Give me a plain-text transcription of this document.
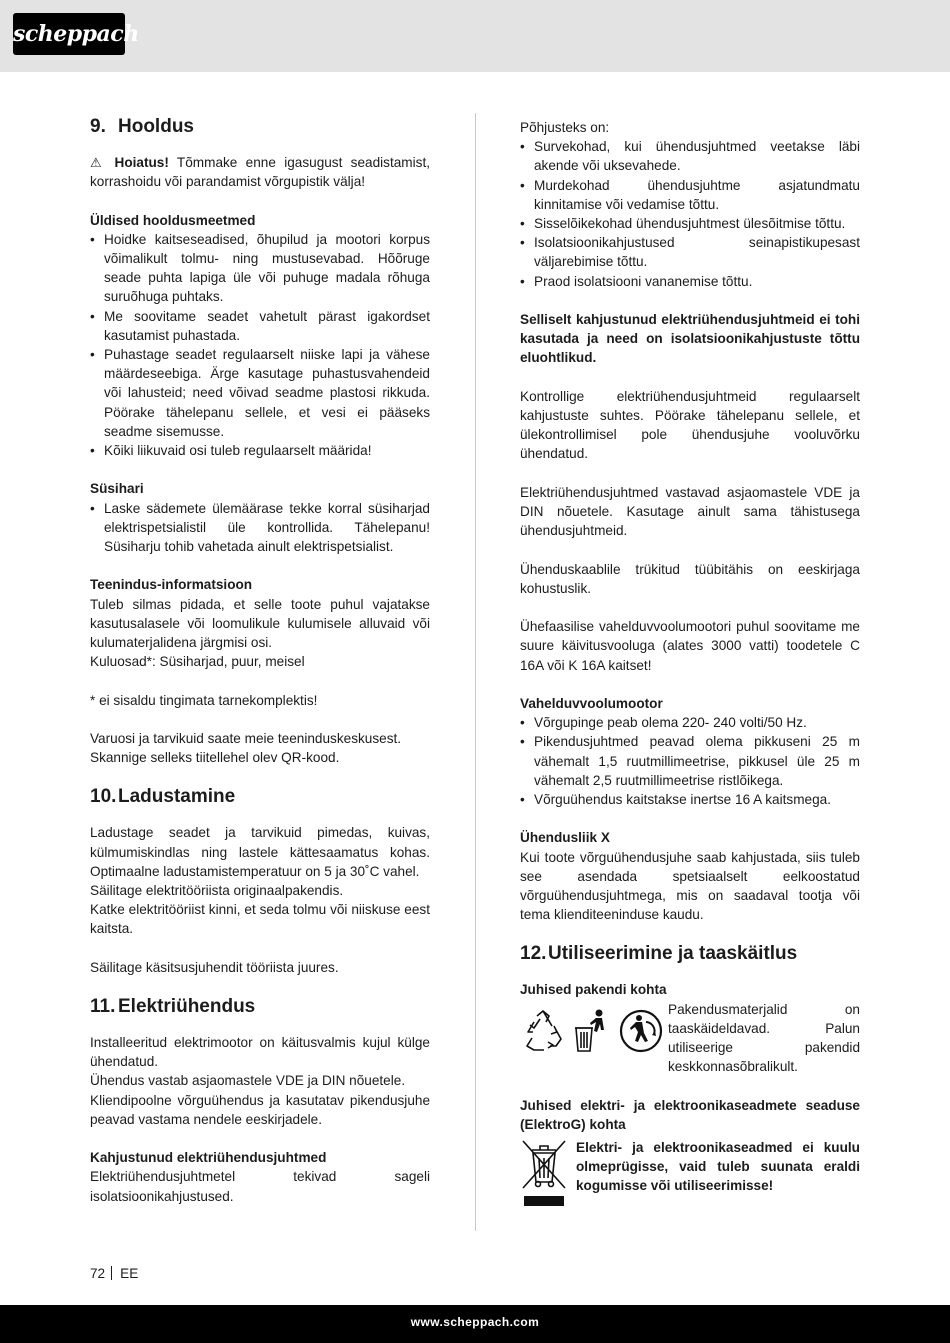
scheppach
9. Hooldus

⚠ Hoiatus! Tõmmake enne igasugust seadistamist, korrashoidu või parandamist võrgupistik välja!

Üldised hooldusmeetmed

• Hoidke kaitseseadised, õhupilud ja mootori korpus võimalikult tolmu- ning mustusevabad. Hõõruge seade puhta lapiga üle või puhuge madala rõhuga suruõhuga puhtaks.
• Me soovitame seadet vahetult pärast igakordset kasutamist puhastada.
• Puhastage seadet regulaarselt niiske lapi ja vähese määrdeseebiga. Ärge kasutage puhastusvahendeid või lahusteid; need võivad seadme plastosi rikkuda. Pöörake tähelepanu sellele, et vesi ei pääseks seadme sisemusse.
• Kõiki liikuvaid osi tuleb regulaarselt määrida!

Süsihari

• Laske sädemete ülemäärase tekke korral süsiharjad elektrispetsialistil üle kontrollida. Tähelepanu! Süsiharju tohib vahetada ainult elektrispetsialist.

Teenindus-informatsioon

Tuleb silmas pidada, et selle toote puhul vajatakse kasutusalasele või loomulikule kulumisele alluvaid või kulumaterjalidena järgmisi osi.

Kuluosad*: Süsiharjad, puur, meisel

* ei sisaldu tingimata tarnekomplektis!

Varuosi ja tarvikuid saate meie teeninduskeskusest.

Skannige selleks tiitellehel olev QR-kood.

10.Ladustamine

Ladustage seadet ja tarvikuid pimedas, kuivas, külmumiskindlas ning lastele kättesaamatus kohas. Optimaalne ladustamistemperatuur on 5 ja 30˚C vahel.

Säilitage elektritööriista originaalpakendis.

Katke elektritööriist kinni, et seda tolmu või niiskuse eest kaitsta.

Säilitage käsitsusjuhendit tööriista juures.

11. Elektriühendus

Installeeritud elektrimootor on käitusvalmis kujul külge ühendatud.

Ühendus vastab asjaomastele VDE ja DIN nõuetele.

Kliendipoolne võrguühendus ja kasutatav pikendusjuhe peavad vastama nendele eeskirjadele.

Kahjustunud elektriühendusjuhtmed

Elektriühendusjuhtmetel tekivad sageli isolatsioonikahjustused.

Põhjusteks on:

• Survekohad, kui ühendusjuhtmed veetakse läbi akende või uksevahede.
• Murdekohad ühendusjuhtme asjatundmatu kinnitamise või vedamise tõttu.
• Sisselõikekohad ühendusjuhtmest ülesõitmise tõttu.
• Isolatsioonikahjustused seinapistikupesast väljarebimise tõttu.
• Praod isolatsiooni vananemise tõttu.

Selliselt kahjustunud elektriühendusjuhtmeid ei tohi kasutada ja need on isolatsioonikahjustuste tõttu eluohtlikud.

Kontrollige elektriühendusjuhtmeid regulaarselt kahjustuste suhtes. Pöörake tähelepanu sellele, et ülekontrollimisel pole ühendusjuhe vooluvõrku ühendatud.

Elektriühendusjuhtmed vastavad asjaomastele VDE ja DIN nõuetele. Kasutage ainult sama tähistusega ühendusjuhtmeid.

Ühenduskaablile trükitud tüübitähis on eeskirjaga kohustuslik.

Ühefaasilise vahelduvvoolumootori puhul soovitame me suure käivitusvooluga (alates 3000 vatti) toodetele C 16A või K 16A kaitset!

Vahelduvvoolumootor

• Võrgupinge peab olema 220- 240 volti/50 Hz.
• Pikendusjuhtmed peavad olema pikkuseni 25 m vähemalt 1,5 ruutmillimeetrise, pikkusel üle 25 m vähemalt 2,5 ruutmillimeetrise ristlõikega.
• Võrguühendus kaitstakse inertse 16 A kaitsmega.

Ühendusliik X

Kui toote võrguühendusjuhe saab kahjustada, siis tuleb see asendada spetsiaalselt eelkoostatud võrguühendusjuhtmega, mis on saadaval tootja või tema klienditeeninduse kaudu.

12.Utiliseerimine ja taaskäitlus

Juhised pakendi kohta

Pakendusmaterjalid on taaskäideldavad. Palun utiliseerige pakendid keskkonnasõbralikult.

Juhised elektri- ja elektroonikaseadmete seaduse (ElektroG) kohta

Elektri- ja elektroonikaseadmed ei kuulu olmeprügisse, vaid tuleb suunata eraldi kogumisse või utiliseerimisse!

72 EE
www.scheppach.com
